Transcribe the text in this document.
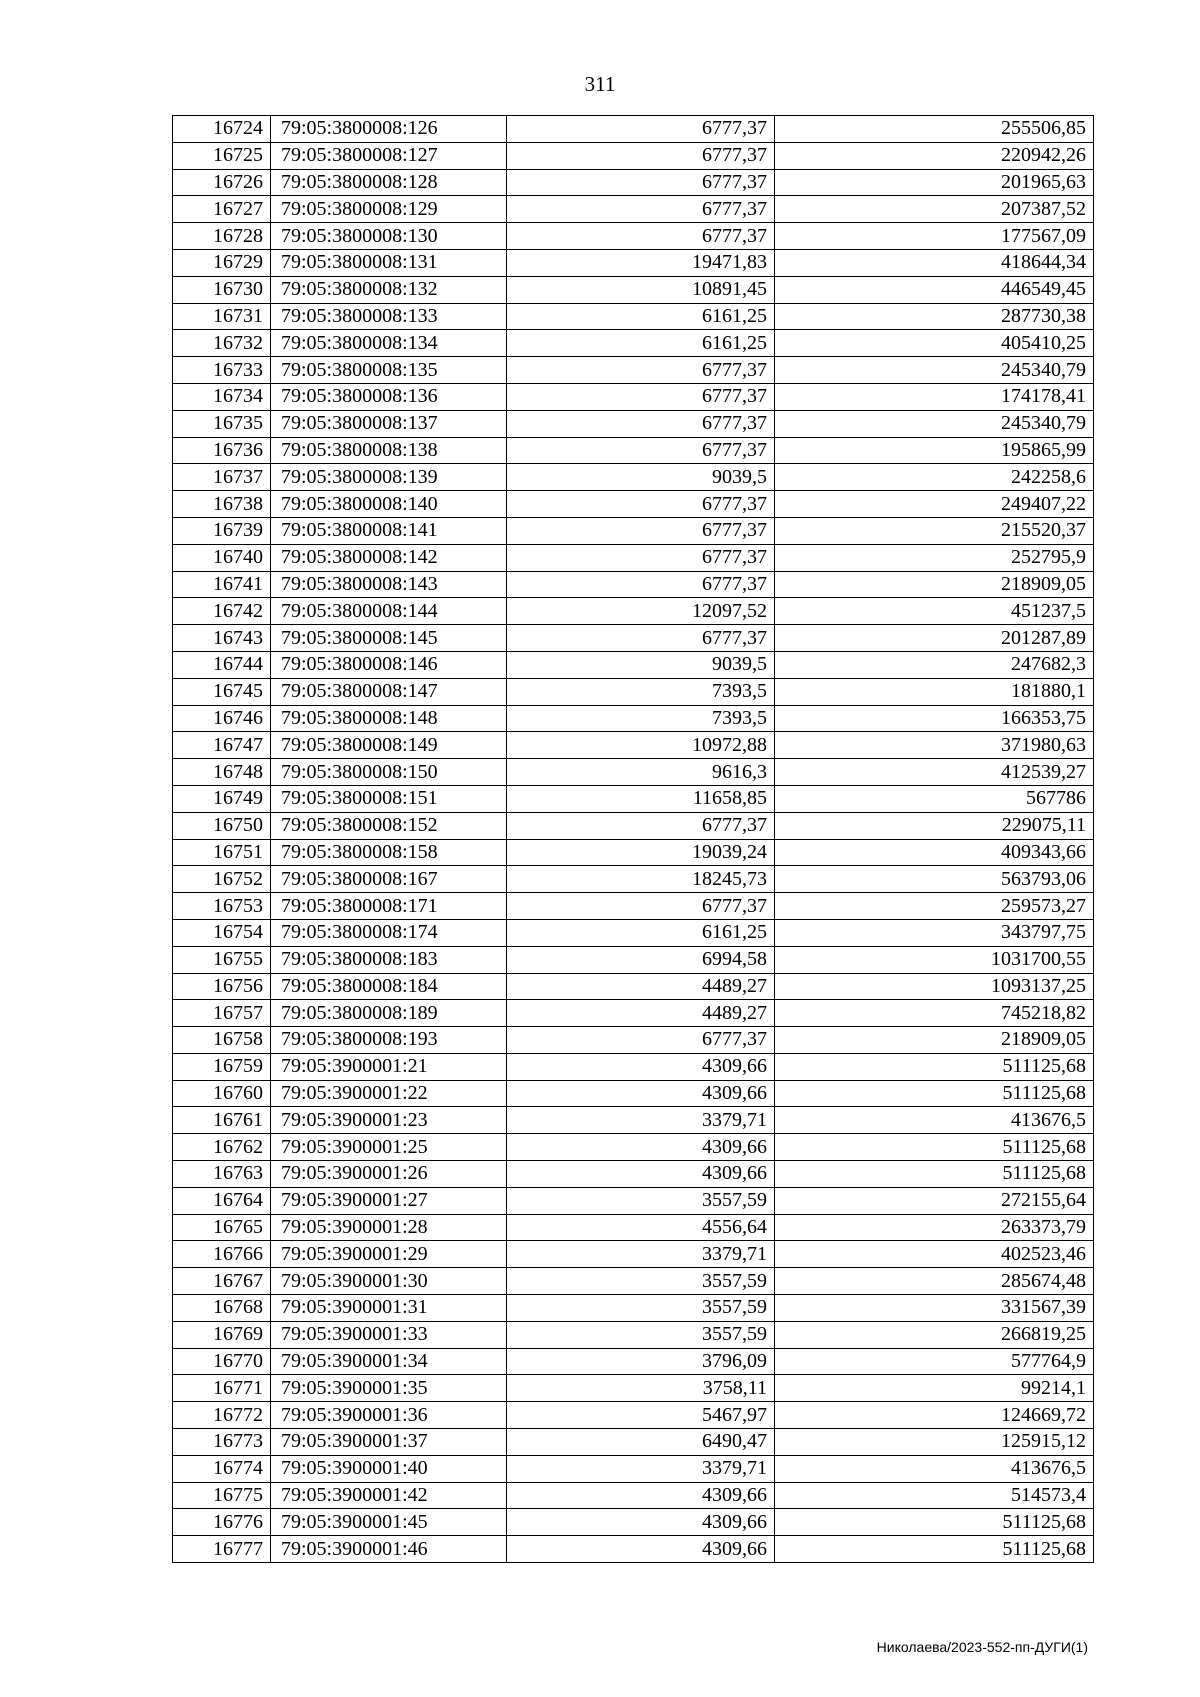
311
16724	79:05:3800008:126	6777,37	255506,85
16725	79:05:3800008:127	6777,37	220942,26
16726	79:05:3800008:128	6777,37	201965,63
16727	79:05:3800008:129	6777,37	207387,52
16728	79:05:3800008:130	6777,37	177567,09
16729	79:05:3800008:131	19471,83	418644,34
16730	79:05:3800008:132	10891,45	446549,45
16731	79:05:3800008:133	6161,25	287730,38
16732	79:05:3800008:134	6161,25	405410,25
16733	79:05:3800008:135	6777,37	245340,79
16734	79:05:3800008:136	6777,37	174178,41
16735	79:05:3800008:137	6777,37	245340,79
16736	79:05:3800008:138	6777,37	195865,99
16737	79:05:3800008:139	9039,5	242258,6
16738	79:05:3800008:140	6777,37	249407,22
16739	79:05:3800008:141	6777,37	215520,37
16740	79:05:3800008:142	6777,37	252795,9
16741	79:05:3800008:143	6777,37	218909,05
16742	79:05:3800008:144	12097,52	451237,5
16743	79:05:3800008:145	6777,37	201287,89
16744	79:05:3800008:146	9039,5	247682,3
16745	79:05:3800008:147	7393,5	181880,1
16746	79:05:3800008:148	7393,5	166353,75
16747	79:05:3800008:149	10972,88	371980,63
16748	79:05:3800008:150	9616,3	412539,27
16749	79:05:3800008:151	11658,85	567786
16750	79:05:3800008:152	6777,37	229075,11
16751	79:05:3800008:158	19039,24	409343,66
16752	79:05:3800008:167	18245,73	563793,06
16753	79:05:3800008:171	6777,37	259573,27
16754	79:05:3800008:174	6161,25	343797,75
16755	79:05:3800008:183	6994,58	1031700,55
16756	79:05:3800008:184	4489,27	1093137,25
16757	79:05:3800008:189	4489,27	745218,82
16758	79:05:3800008:193	6777,37	218909,05
16759	79:05:3900001:21	4309,66	511125,68
16760	79:05:3900001:22	4309,66	511125,68
16761	79:05:3900001:23	3379,71	413676,5
16762	79:05:3900001:25	4309,66	511125,68
16763	79:05:3900001:26	4309,66	511125,68
16764	79:05:3900001:27	3557,59	272155,64
16765	79:05:3900001:28	4556,64	263373,79
16766	79:05:3900001:29	3379,71	402523,46
16767	79:05:3900001:30	3557,59	285674,48
16768	79:05:3900001:31	3557,59	331567,39
16769	79:05:3900001:33	3557,59	266819,25
16770	79:05:3900001:34	3796,09	577764,9
16771	79:05:3900001:35	3758,11	99214,1
16772	79:05:3900001:36	5467,97	124669,72
16773	79:05:3900001:37	6490,47	125915,12
16774	79:05:3900001:40	3379,71	413676,5
16775	79:05:3900001:42	4309,66	514573,4
16776	79:05:3900001:45	4309,66	511125,68
16777	79:05:3900001:46	4309,66	511125,68
Николаева/2023-552-пп-ДУГИ(1)
